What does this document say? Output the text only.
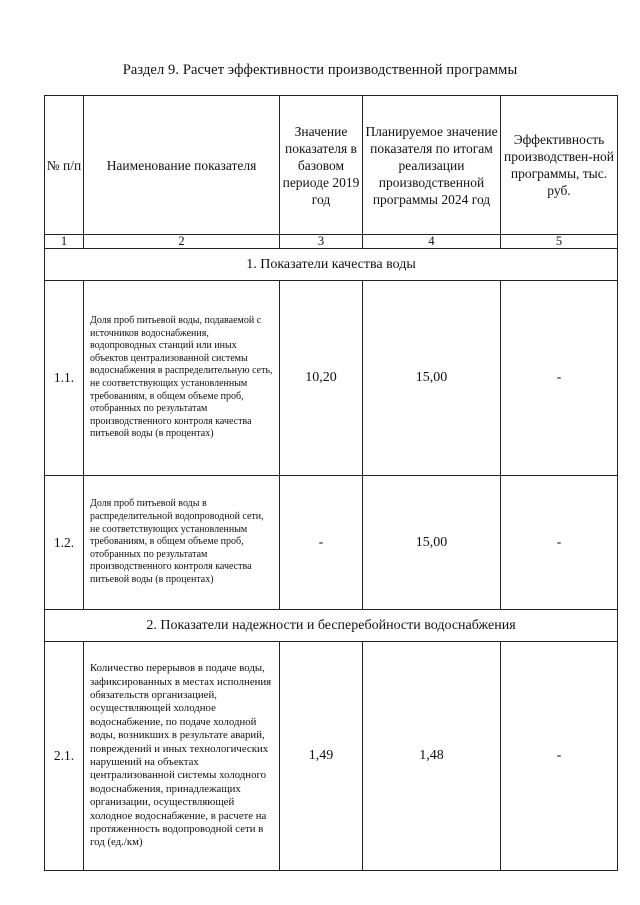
Раздел 9. Расчет эффективности производственной программы
№ п/п	Наименование показателя	Значение показателя в базовом периоде 2019 год	Планируемое значение показателя по итогам реализации производственной программы 2024 год	Эффективность производствен-ной программы, тыс. руб.
1	2	3	4	5
1. Показатели качества воды				
1.1.	Доля проб питьевой воды, подаваемой с источников водоснабжения, водопроводных станций или иных объектов централизованной системы водоснабжения в распределительную сеть, не соответствующих установленным требованиям, в общем объеме проб, отобранных по результатам производственного контроля качества питьевой воды (в процентах)	10,20	15,00	-
1.2.	Доля проб питьевой воды в распределительной водопроводной сети, не соответствующих установленным требованиям, в общем объеме проб, отобранных по результатам производственного контроля качества питьевой воды (в процентах)	-	15,00	-
2. Показатели надежности и бесперебойности водоснабжения				
2.1.	Количество перерывов в подаче воды, зафиксированных в местах исполнения обязательств организацией, осуществляющей холодное водоснабжение, по подаче холодной воды, возникших в результате аварий, повреждений и иных технологических нарушений на объектах централизованной системы холодного водоснабжения, принадлежащих организации, осуществляющей холодное водоснабжение, в расчете на протяженность водопроводной сети в год (ед./км)	1,49	1,48	-
